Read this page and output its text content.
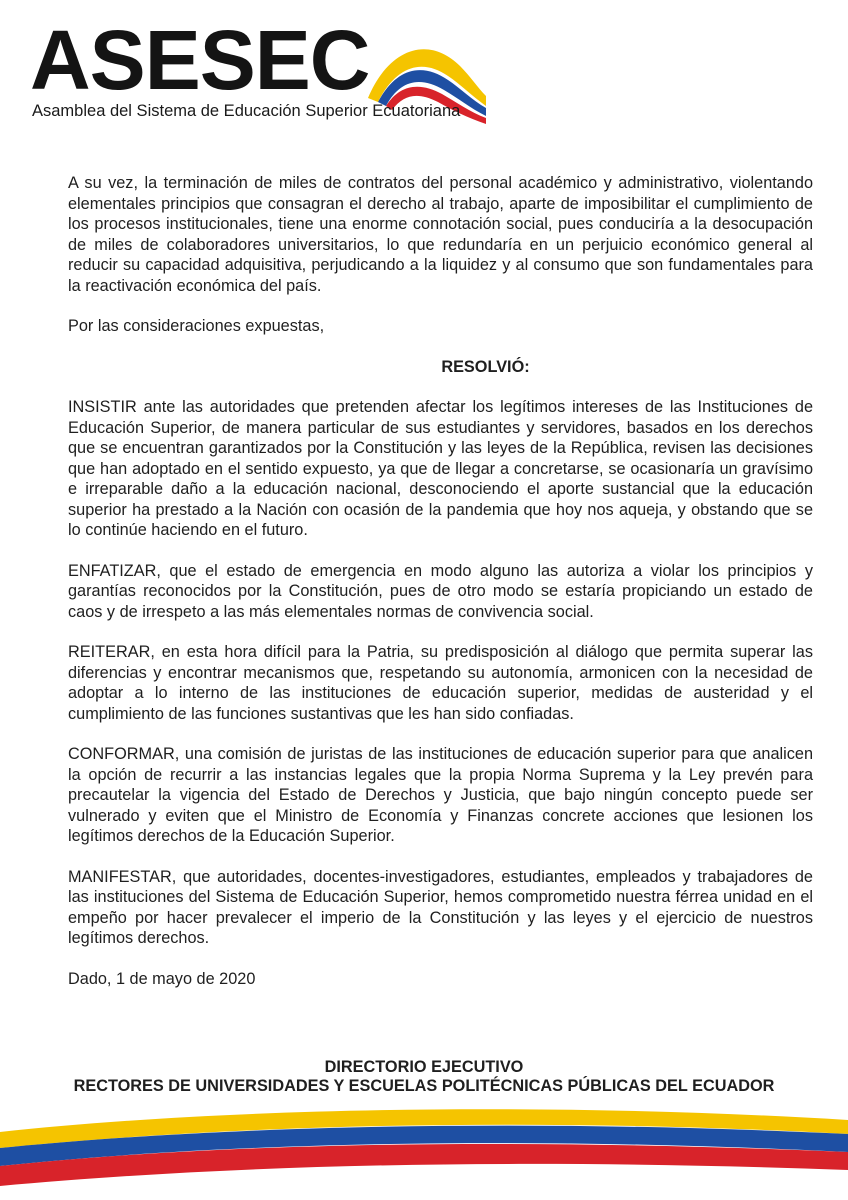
ASESEC
Asamblea del Sistema de Educación Superior Ecuatoriana

A su vez, la terminación de miles de contratos del personal académico y administrativo, violentando elementales principios que consagran el derecho al trabajo, aparte de imposibilitar el cumplimiento de los procesos institucionales, tiene una enorme connotación social, pues conduciría a la desocupación de miles de colaboradores universitarios, lo que redundaría en un perjuicio económico general al reducir su capacidad adquisitiva, perjudicando a la liquidez y al consumo que son fundamentales para la reactivación económica del país.

Por las consideraciones expuestas,

RESOLVIÓ:

INSISTIR ante las autoridades que pretenden afectar los legítimos intereses de las Instituciones de Educación Superior, de manera particular de sus estudiantes y servidores, basados en los derechos que se encuentran garantizados por la Constitución y las leyes de la República, revisen las decisiones que han adoptado en el sentido expuesto, ya que de llegar a concretarse, se ocasionaría un gravísimo e irreparable daño a la educación nacional, desconociendo el aporte sustancial que la educación superior ha prestado a la Nación con ocasión de la pandemia que hoy nos aqueja, y obstando que se lo continúe haciendo en el futuro.

ENFATIZAR, que el estado de emergencia en modo alguno las autoriza a violar los principios y garantías reconocidos por la Constitución, pues de otro modo se estaría propiciando un estado de caos y de irrespeto a las más elementales normas de convivencia social.

REITERAR, en esta hora difícil para la Patria, su predisposición al diálogo que permita superar las diferencias y encontrar mecanismos que, respetando su autonomía, armonicen con la necesidad de adoptar a lo interno de las instituciones de educación superior, medidas de austeridad y el cumplimiento de las funciones sustantivas que les han sido confiadas.

CONFORMAR, una comisión de juristas de las instituciones de educación superior para que analicen la opción de recurrir a las instancias legales que la propia Norma Suprema y la Ley prevén para precautelar la vigencia del Estado de Derechos y Justicia, que bajo ningún concepto puede ser vulnerado y eviten que el Ministro de Economía y Finanzas concrete acciones que lesionen los legítimos derechos de la Educación Superior.

MANIFESTAR, que autoridades, docentes-investigadores, estudiantes, empleados y trabajadores de las instituciones del Sistema de Educación Superior, hemos comprometido nuestra férrea unidad en el empeño por hacer prevalecer el imperio de la Constitución y las leyes y el ejercicio de nuestros legítimos derechos.

Dado, 1 de mayo de 2020

DIRECTORIO EJECUTIVO
RECTORES DE UNIVERSIDADES Y ESCUELAS POLITÉCNICAS PÚBLICAS DEL ECUADOR
